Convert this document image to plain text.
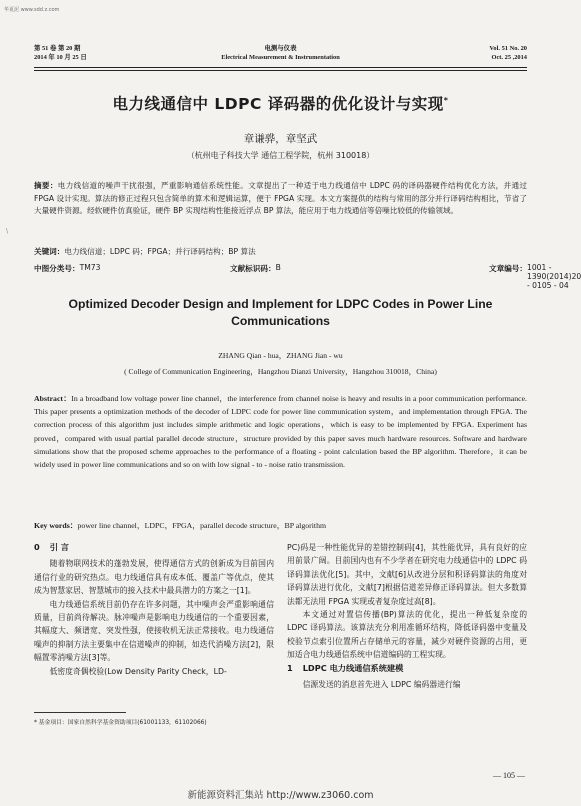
华夏泥 www.sdd.z.com
\
第 51 卷 第 20 期
2014 年 10 月 25 日
电测与仪表
Electrical Measurement & Instrumentation
Vol. 51 No. 20
Oct. 25 ,2014
电力线通信中 LDPC 译码器的优化设计与实现*
章谦骅，章坚武
（杭州电子科技大学 通信工程学院，杭州 310018）
摘要：电力线信道的噪声干扰很强，严重影响通信系统性能。文章提出了一种适于电力线通信中 LDPC 码的译码器硬件结构优化方法，并通过 FPGA 设计实现。算法的修正过程只包含简单的算术和逻辑运算，便于 FPGA 实现。本文方案提供的结构与常用的部分并行译码结构相比，节省了大量硬件资源。经软硬件仿真验证，硬件 BP 实现结构性能接近浮点 BP 算法，能应用于电力线通信等倍噪比较低的传输领域。
关键词：电力线信道；LDPC 码；FPGA；并行译码结构；BP 算法
中图分类号： TM73	文献标识码： B	文章编号： 1001 - 1390(2014)20 - 0105 - 04
Optimized Decoder Design and Implement for LDPC Codes in Power Line
Communications
ZHANG Qian - hua，ZHANG Jian - wu
( College of Communication Engineering，Hangzhou Dianzi University，Hangzhou 310018，China)
Abstract：In a broadband low voltage power line channel，the interference from channel noise is heavy and results in a poor communication performance. This paper presents a optimization methods of the decoder of LDPC code for power line communication system，and implementation through FPGA. The correction process of this algorithm just includes simple arithmetic and logic operations，which is easy to be implemented by FPGA. Experiment has proved，compared with usual partial parallel decode structure，structure provided by this paper saves much hardware resources. Software and hardware simulations show that the proposed scheme approaches to the performance of a floating - point calculation based the BP algorithm. Therefore，it can be widely used in power line communications and so on with low signal - to - noise ratio transmission.
Key words：power line channel，LDPC，FPGA，parallel decode structure，BP algorithm
0 引 言

随着物联网技术的蓬勃发展，使得通信方式的创新成为目前国内通信行业的研究热点。电力线通信具有成本低、覆盖广等优点，使其成为智慧家居、智慧城市的接入技术中最具潜力的方案之一[1]。

电力线通信系统目前仍存在许多问题，其中噪声会严重影响通信质量，目前尚待解决。脉冲噪声是影响电力线通信的一个重要因素，其幅度大、频谱宽、突发性强，使接收机无法正常接收。电力线通信噪声的抑制方法主要集中在信道噪声的抑制，如迭代消噪方法[2]，限幅置零消噪方法[3]等。

低密度奇偶校验(Low Density Parity Check，LD-

PC)码是一种性能优异的差错控制码[4]，其性能优异，具有良好的应用前景广阔。目前国内也有不少学者在研究电力线通信中的 LDPC 码译码算法优化[5]。其中，文献[6]从改进分层和积译码算法的角度对译码算法进行优化，文献[7]根据信道差异修正译码算法。但大多数算法都无法用 FPGA 实现或者复杂度过高[8]。

本文通过对置信传播(BP)算法的优化，提出一种低复杂度的 LDPC 译码算法。该算法充分利用准循环结构，降低译码器中变量及校验节点索引位置所占存储单元的容量，减少对硬件资源的占用，更加适合电力线通信系统中信道编码的工程实现。

1 LDPC 电力线通信系统建模

信源发送的消息首先进入 LDPC 编码器进行编

* 基金项目：国家自然科学基金资助项目(61001133，61102066)
— 105 —
新能源资料汇集站 http://www.z3060.com
